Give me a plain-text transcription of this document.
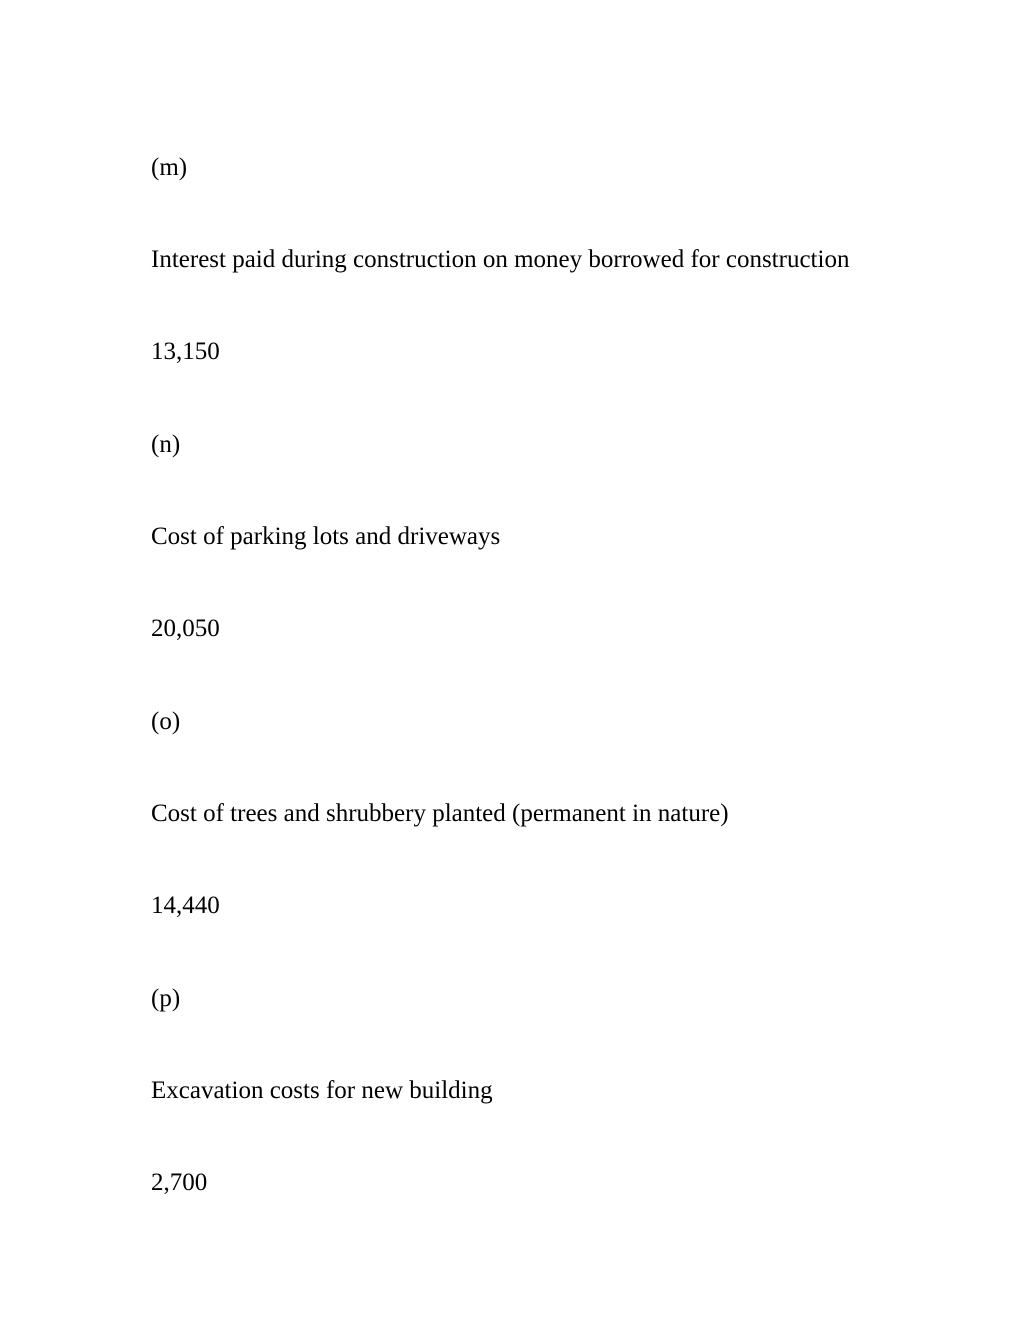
(m)
Interest paid during construction on money borrowed for construction
13,150
(n)
Cost of parking lots and driveways
20,050
(o)
Cost of trees and shrubbery planted (permanent in nature)
14,440
(p)
Excavation costs for new building
2,700
